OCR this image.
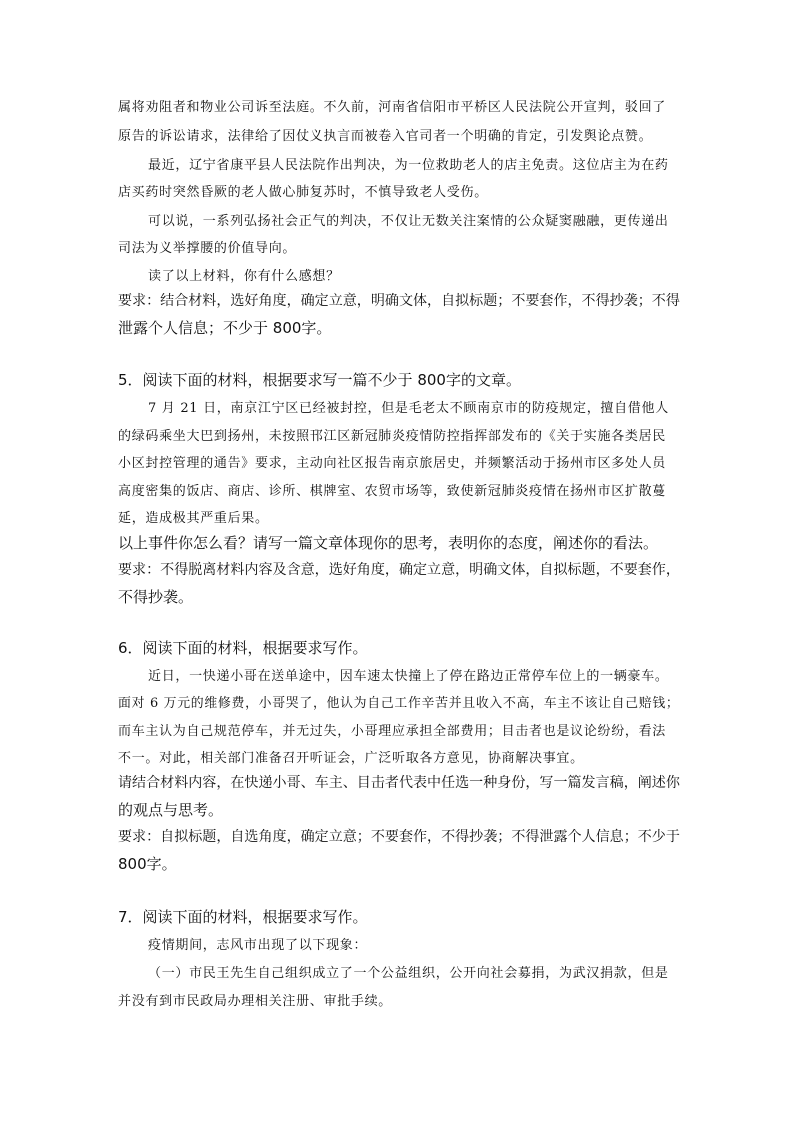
属将劝阻者和物业公司诉至法庭。不久前，河南省信阳市平桥区人民法院公开宣判，驳回了
原告的诉讼请求，法律给了因仗义执言而被卷入官司者一个明确的肯定，引发舆论点赞。
最近，辽宁省康平县人民法院作出判决，为一位救助老人的店主免责。这位店主为在药
店买药时突然昏厥的老人做心肺复苏时，不慎导致老人受伤。
可以说，一系列弘扬社会正气的判决，不仅让无数关注案情的公众疑窦融融，更传递出
司法为义举撑腰的价值导向。
读了以上材料，你有什么感想？
要求：结合材料，选好角度，确定立意，明确文体，自拟标题；不要套作，不得抄袭；不得
泄露个人信息；不少于 800字。
5．阅读下面的材料，根据要求写一篇不少于 800字的文章。
7 月 21 日，南京江宁区已经被封控，但是毛老太不顾南京市的防疫规定，擅自借他人
的绿码乘坐大巴到扬州，未按照邗江区新冠肺炎疫情防控指挥部发布的《关于实施各类居民
小区封控管理的通告》要求，主动向社区报告南京旅居史，并频繁活动于扬州市区多处人员
高度密集的饭店、商店、诊所、棋牌室、农贸市场等，致使新冠肺炎疫情在扬州市区扩散蔓
延，造成极其严重后果。
以上事件你怎么看？请写一篇文章体现你的思考，表明你的态度，阐述你的看法。
要求：不得脱离材料内容及含意，选好角度，确定立意，明确文体，自拟标题，不要套作，
不得抄袭。
6．阅读下面的材料，根据要求写作。
近日，一快递小哥在送单途中，因车速太快撞上了停在路边正常停车位上的一辆豪车。
面对 6 万元的维修费，小哥哭了，他认为自己工作辛苦并且收入不高，车主不该让自己赔钱；
而车主认为自己规范停车，并无过失，小哥理应承担全部费用；目击者也是议论纷纷，看法
不一。对此，相关部门准备召开听证会，广泛听取各方意见，协商解决事宜。
请结合材料内容，在快递小哥、车主、目击者代表中任选一种身份，写一篇发言稿，阐述你
的观点与思考。
要求：自拟标题，自选角度，确定立意；不要套作，不得抄袭；不得泄露个人信息；不少于
800字。
7．阅读下面的材料，根据要求写作。
疫情期间，志风市出现了以下现象：
（一）市民王先生自己组织成立了一个公益组织，公开向社会募捐，为武汉捐款，但是
并没有到市民政局办理相关注册、审批手续。
